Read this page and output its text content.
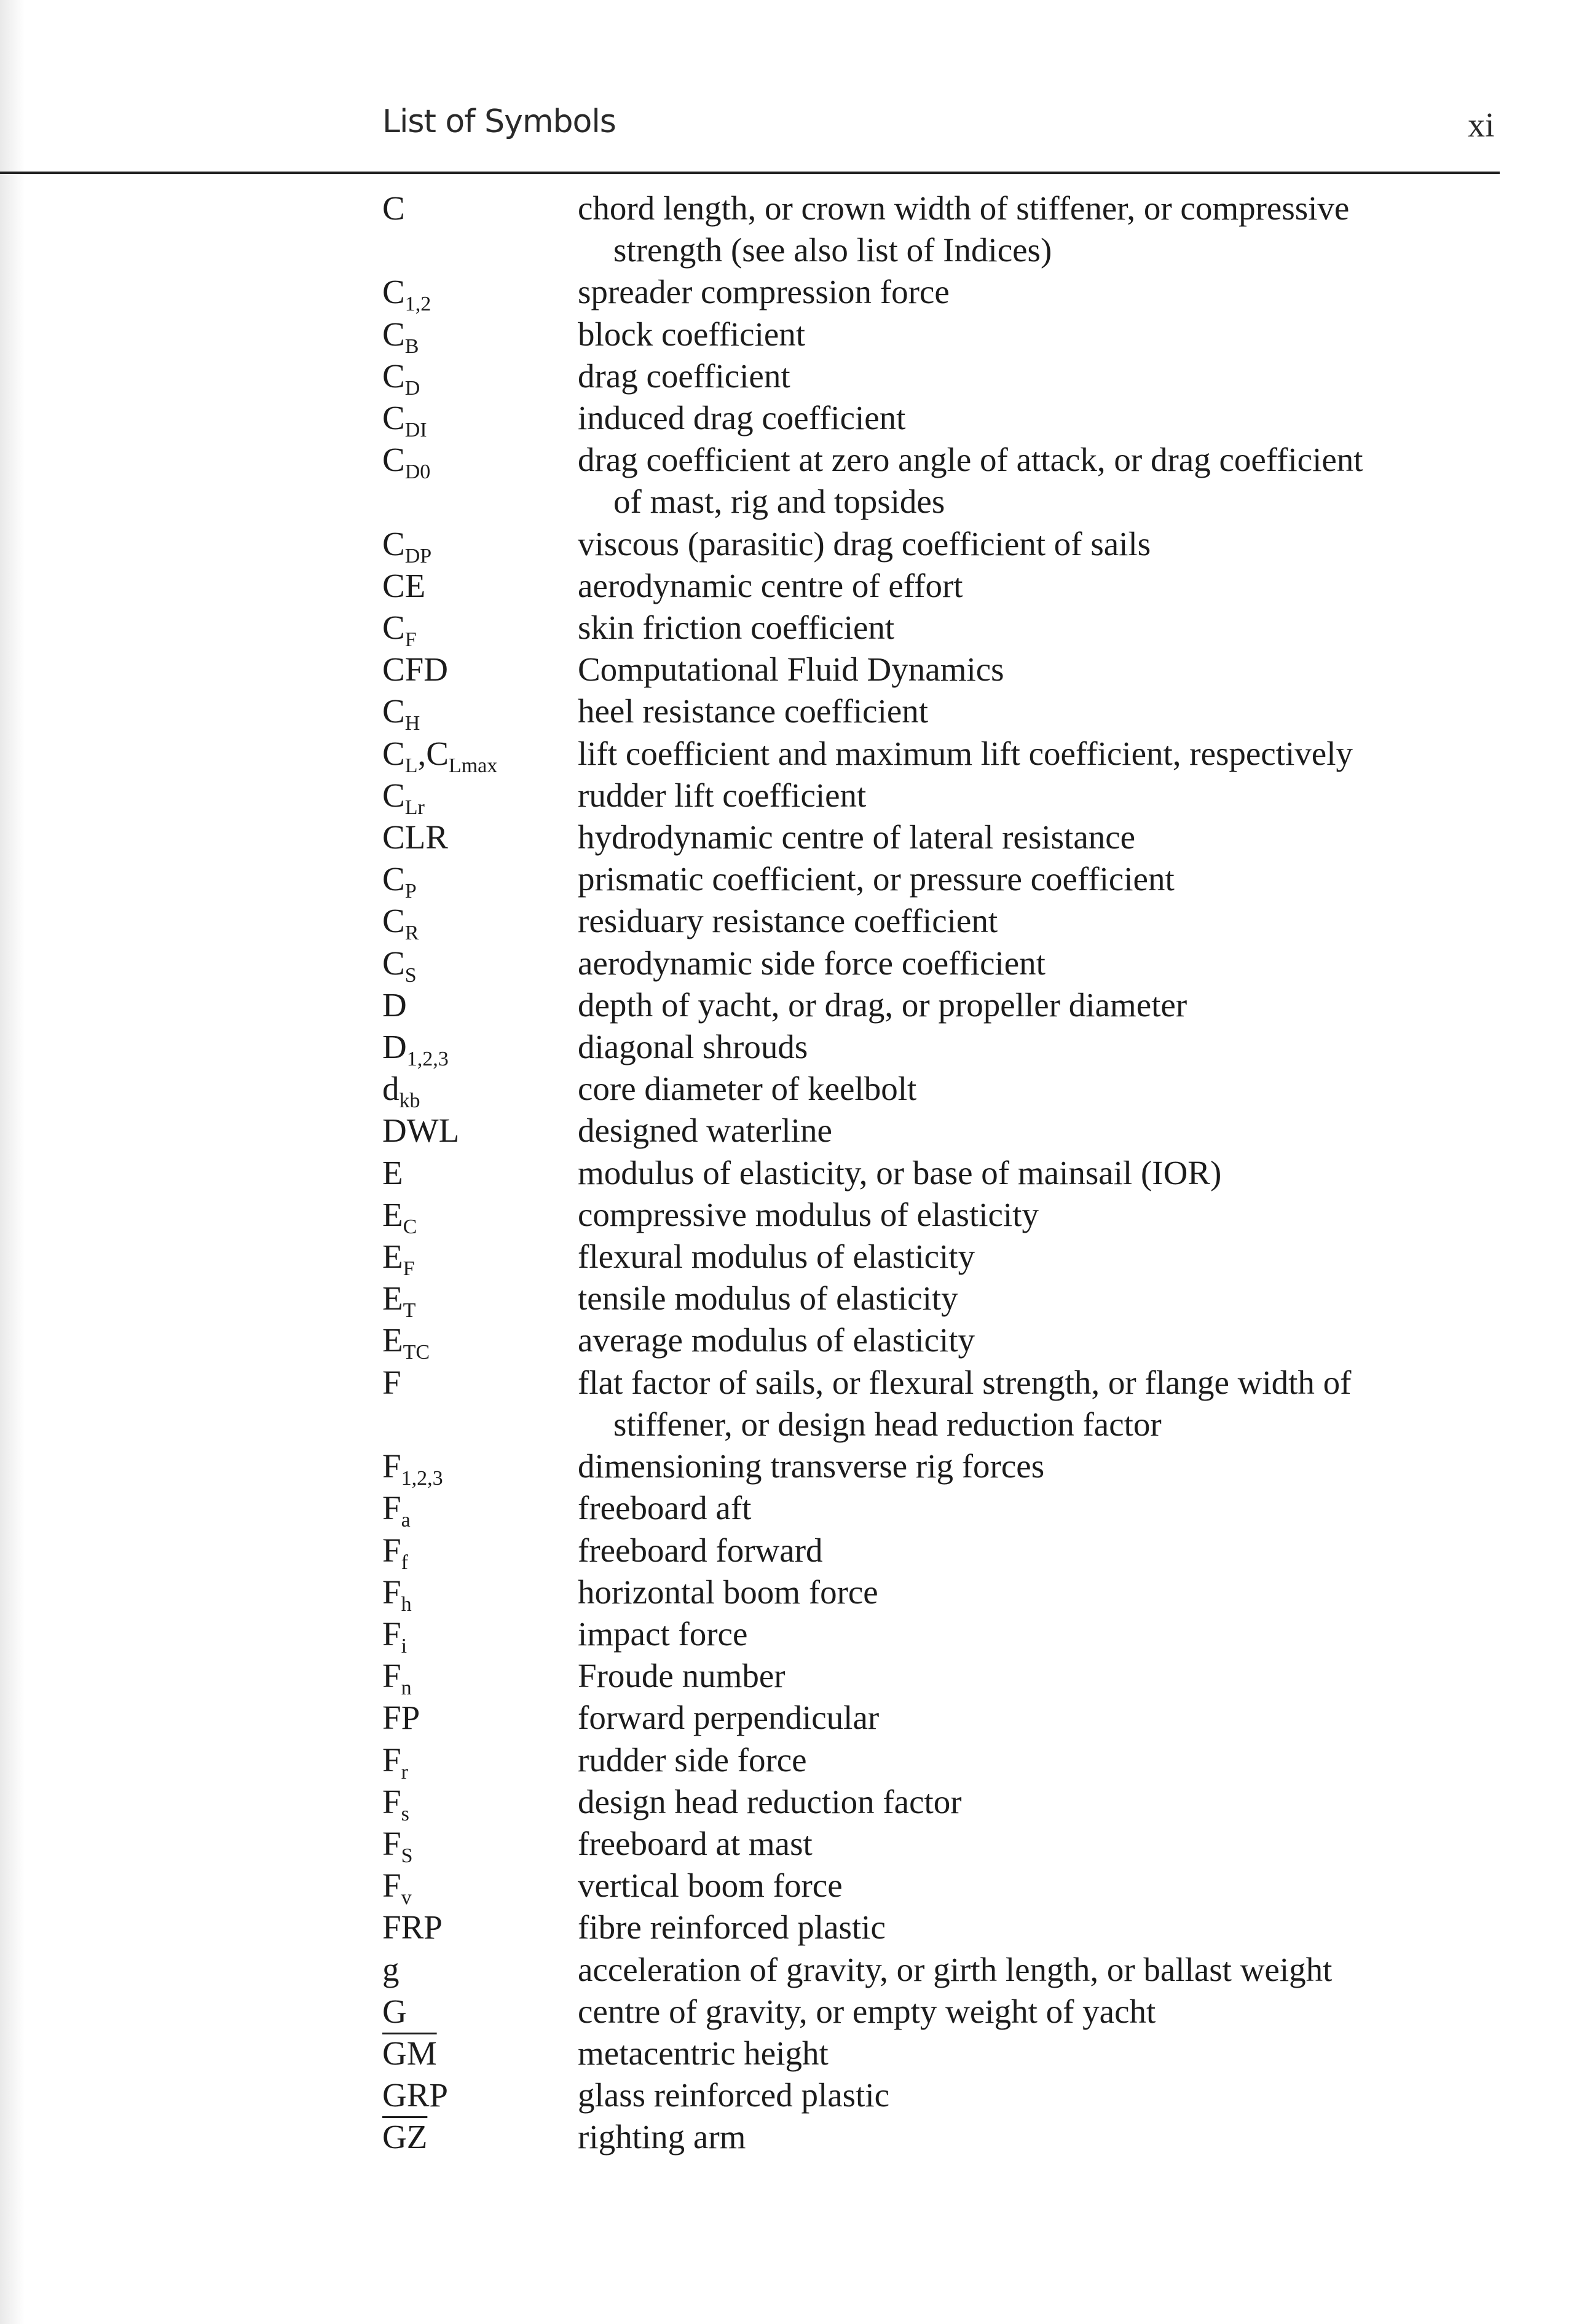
List of Symbols	xi
C	chord length, or crown width of stiffener, or compressive
strength (see also list of Indices)
$C_{1,2}$	spreader compression force
$C_B$	block coefficient
$C_D$	drag coefficient
$C_{DI}$	induced drag coefficient
$C_{D0}$	drag coefficient at zero angle of attack, or drag coefficient
of mast, rig and topsides
$C_{DP}$	viscous (parasitic) drag coefficient of sails
CE	aerodynamic centre of effort
$C_F$	skin friction coefficient
CFD	Computational Fluid Dynamics
$C_H$	heel resistance coefficient
$C_L,C_{Lmax}$	lift coefficient and maximum lift coefficient, respectively
$C_{Lr}$	rudder lift coefficient
CLR	hydrodynamic centre of lateral resistance
$C_P$	prismatic coefficient, or pressure coefficient
$C_R$	residuary resistance coefficient
$C_S$	aerodynamic side force coefficient
D	depth of yacht, or drag, or propeller diameter
$D_{1,2,3}$	diagonal shrouds
$d_{kb}$	core diameter of keelbolt
DWL	designed waterline
E	modulus of elasticity, or base of mainsail (IOR)
$E_C$	compressive modulus of elasticity
$E_F$	flexural modulus of elasticity
$E_T$	tensile modulus of elasticity
$E_{TC}$	average modulus of elasticity
F	flat factor of sails, or flexural strength, or flange width of
stiffener, or design head reduction factor
$F_{1,2,3}$	dimensioning transverse rig forces
$F_a$	freeboard aft
$F_f$	freeboard forward
$F_h$	horizontal boom force
$F_i$	impact force
$F_n$	Froude number
FP	forward perpendicular
$F_r$	rudder side force
$F_s$	design head reduction factor
$F_S$	freeboard at mast
$F_v$	vertical boom force
FRP	fibre reinforced plastic
g	acceleration of gravity, or girth length, or ballast weight
G	centre of gravity, or empty weight of yacht
GM	metacentric height
GRP	glass reinforced plastic
GZ	righting arm
